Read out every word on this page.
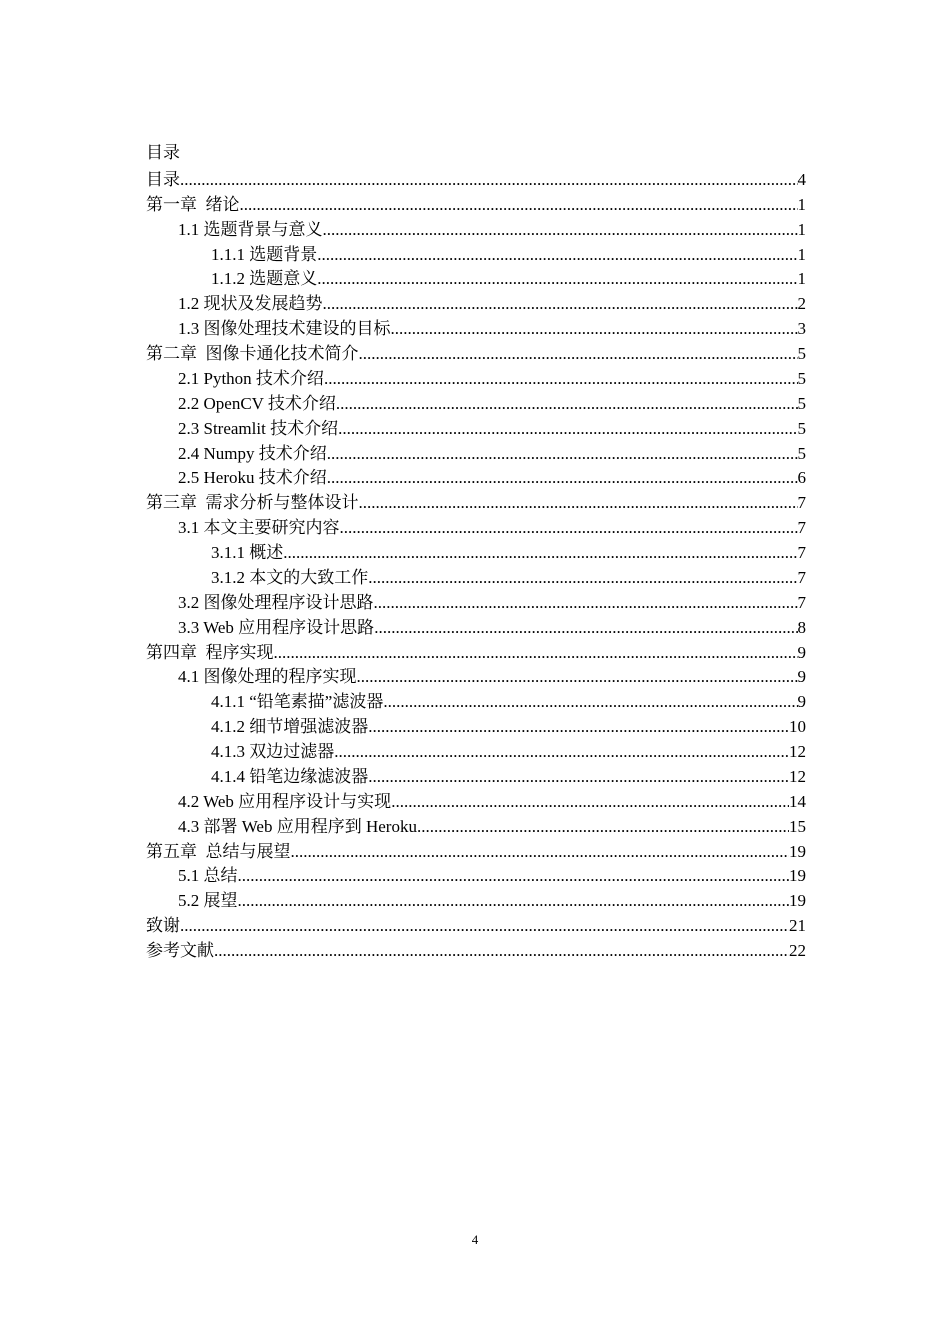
目录
目录 .....	4
第一章  绪论 .....	1
1.1 选题背景与意义 .....	1
1.1.1 选题背景 .....	1
1.1.2 选题意义 .....	1
1.2 现状及发展趋势 .....	2
1.3 图像处理技术建设的目标 .....	3
第二章  图像卡通化技术简介 .....	5
2.1 Python 技术介绍 .....	5
2.2 OpenCV 技术介绍 .....	5
2.3 Streamlit 技术介绍 .....	5
2.4 Numpy 技术介绍 .....	5
2.5 Heroku 技术介绍 .....	6
第三章  需求分析与整体设计 .....	7
3.1 本文主要研究内容 .....	7
3.1.1 概述 .....	7
3.1.2 本文的大致工作 .....	7
3.2 图像处理程序设计思路 .....	7
3.3 Web 应用程序设计思路 .....	8
第四章  程序实现 .....	9
4.1 图像处理的程序实现 .....	9
4.1.1 “铅笔素描”滤波器 .....	9
4.1.2 细节增强滤波器 .....	10
4.1.3 双边过滤器 .....	12
4.1.4 铅笔边缘滤波器 .....	12
4.2 Web 应用程序设计与实现 .....	14
4.3 部署 Web 应用程序到 Heroku .....	15
第五章  总结与展望 .....	19
5.1 总结 .....	19
5.2 展望 .....	19
致谢 .....	21
参考文献 .....	22
4
